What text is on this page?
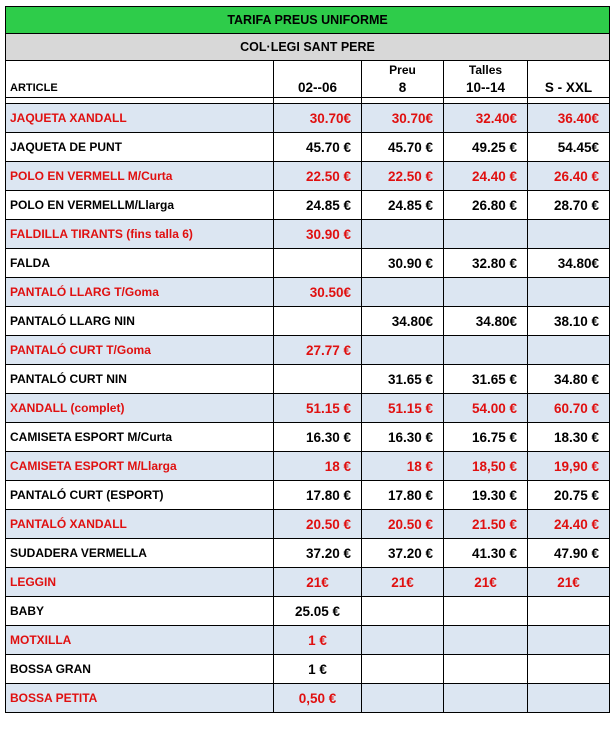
TARIFA PREUS UNIFORME				
COL·LEGI SANT PERE				
		Preu	Talles	
ARTICLE	02--06	8	10--14	S - XXL

JAQUETA XANDALL	30.70€	30.70€	32.40€	36.40€
JAQUETA DE PUNT	45.70 €	45.70 €	49.25 €	54.45€
POLO EN VERMELL M/Curta	22.50 €	22.50 €	24.40 €	26.40 €
POLO EN VERMELLM/Llarga	24.85 €	24.85 €	26.80 €	28.70 €
FALDILLA TIRANTS (fins talla 6)	30.90 €			
FALDA		30.90 €	32.80 €	34.80€
PANTALÓ LLARG T/Goma	30.50€			
PANTALÓ LLARG NIN		34.80€	34.80€	38.10 €
PANTALÓ CURT T/Goma	27.77 €			
PANTALÓ CURT NIN		31.65 €	31.65 €	34.80 €
XANDALL (complet)	51.15 €	51.15 €	54.00 €	60.70 €
CAMISETA ESPORT M/Curta	16.30 €	16.30 €	16.75 €	18.30 €
CAMISETA ESPORT M/Llarga	18 €	18 €	18,50 €	19,90 €
PANTALÓ CURT (ESPORT)	17.80 €	17.80 €	19.30 €	20.75 €
PANTALÓ XANDALL	20.50 €	20.50 €	21.50 €	24.40 €
SUDADERA VERMELLA	37.20 €	37.20 €	41.30 €	47.90 €
LEGGIN	21€	21€	21€	21€
BABY	25.05 €			
MOTXILLA	1 €			
BOSSA GRAN	1 €			
BOSSA PETITA	0,50 €			
